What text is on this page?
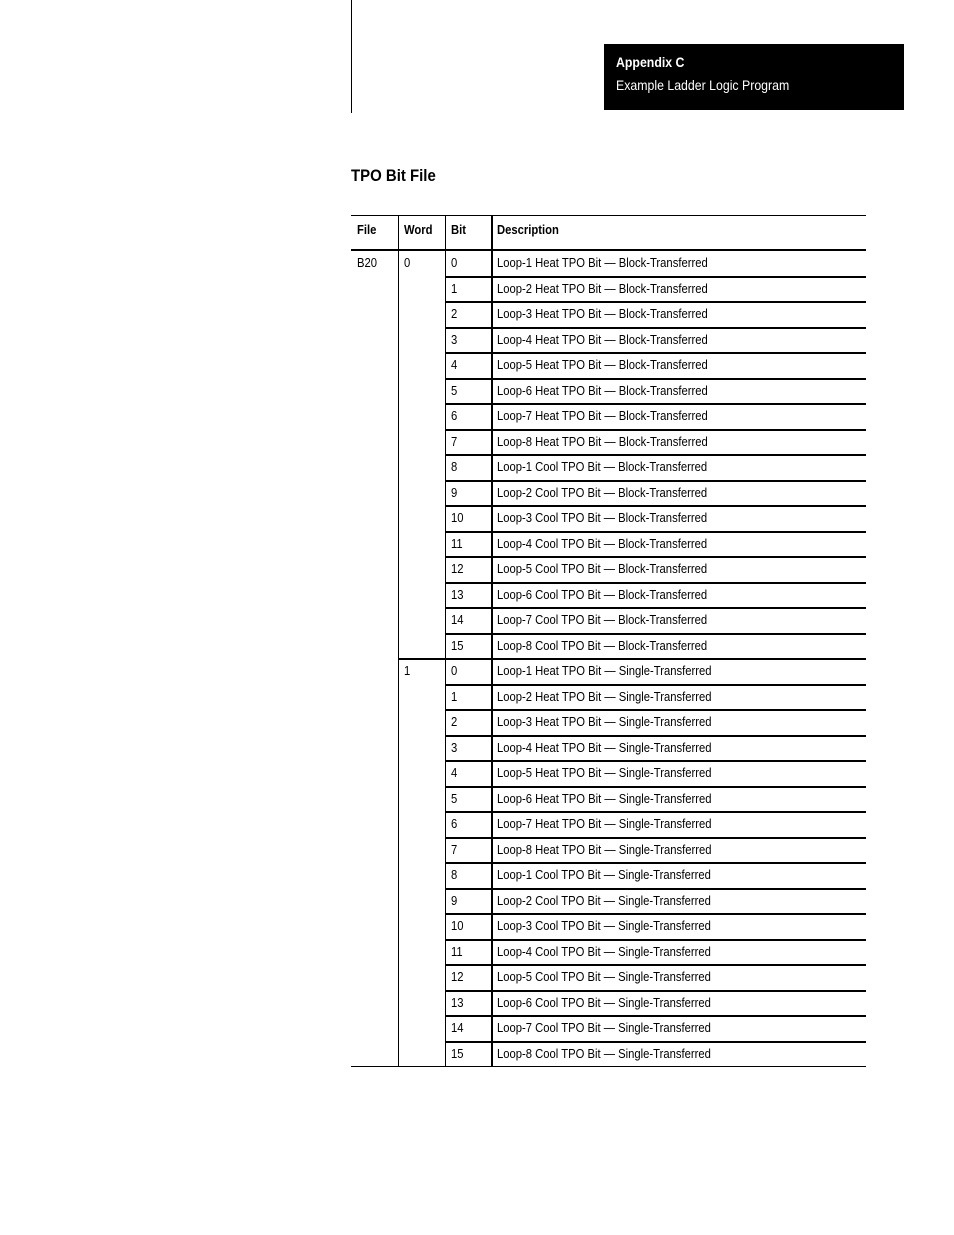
Appendix C
Example Ladder Logic Program
TPO Bit File
File Word Bit Description
B20 0	0	Loop-1 Heat TPO Bit — Block-Transferred
1	Loop-2 Heat TPO Bit — Block-Transferred
2	Loop-3 Heat TPO Bit — Block-Transferred
3	Loop-4 Heat TPO Bit — Block-Transferred
4	Loop-5 Heat TPO Bit — Block-Transferred
5	Loop-6 Heat TPO Bit — Block-Transferred
6	Loop-7 Heat TPO Bit — Block-Transferred
7	Loop-8 Heat TPO Bit — Block-Transferred
8	Loop-1 Cool TPO Bit — Block-Transferred
9	Loop-2 Cool TPO Bit — Block-Transferred
10	Loop-3 Cool TPO Bit — Block-Transferred
11	Loop-4 Cool TPO Bit — Block-Transferred
12	Loop-5 Cool TPO Bit — Block-Transferred
13	Loop-6 Cool TPO Bit — Block-Transferred
14	Loop-7 Cool TPO Bit — Block-Transferred
15	Loop-8 Cool TPO Bit — Block-Transferred
1	0	Loop-1 Heat TPO Bit — Single-Transferred
1	Loop-2 Heat TPO Bit — Single-Transferred
2	Loop-3 Heat TPO Bit — Single-Transferred
3	Loop-4 Heat TPO Bit — Single-Transferred
4	Loop-5 Heat TPO Bit — Single-Transferred
5	Loop-6 Heat TPO Bit — Single-Transferred
6	Loop-7 Heat TPO Bit — Single-Transferred
7	Loop-8 Heat TPO Bit — Single-Transferred
8	Loop-1 Cool TPO Bit — Single-Transferred
9	Loop-2 Cool TPO Bit — Single-Transferred
10	Loop-3 Cool TPO Bit — Single-Transferred
11	Loop-4 Cool TPO Bit — Single-Transferred
12	Loop-5 Cool TPO Bit — Single-Transferred
13	Loop-6 Cool TPO Bit — Single-Transferred
14	Loop-7 Cool TPO Bit — Single-Transferred
15	Loop-8 Cool TPO Bit — Single-Transferred
